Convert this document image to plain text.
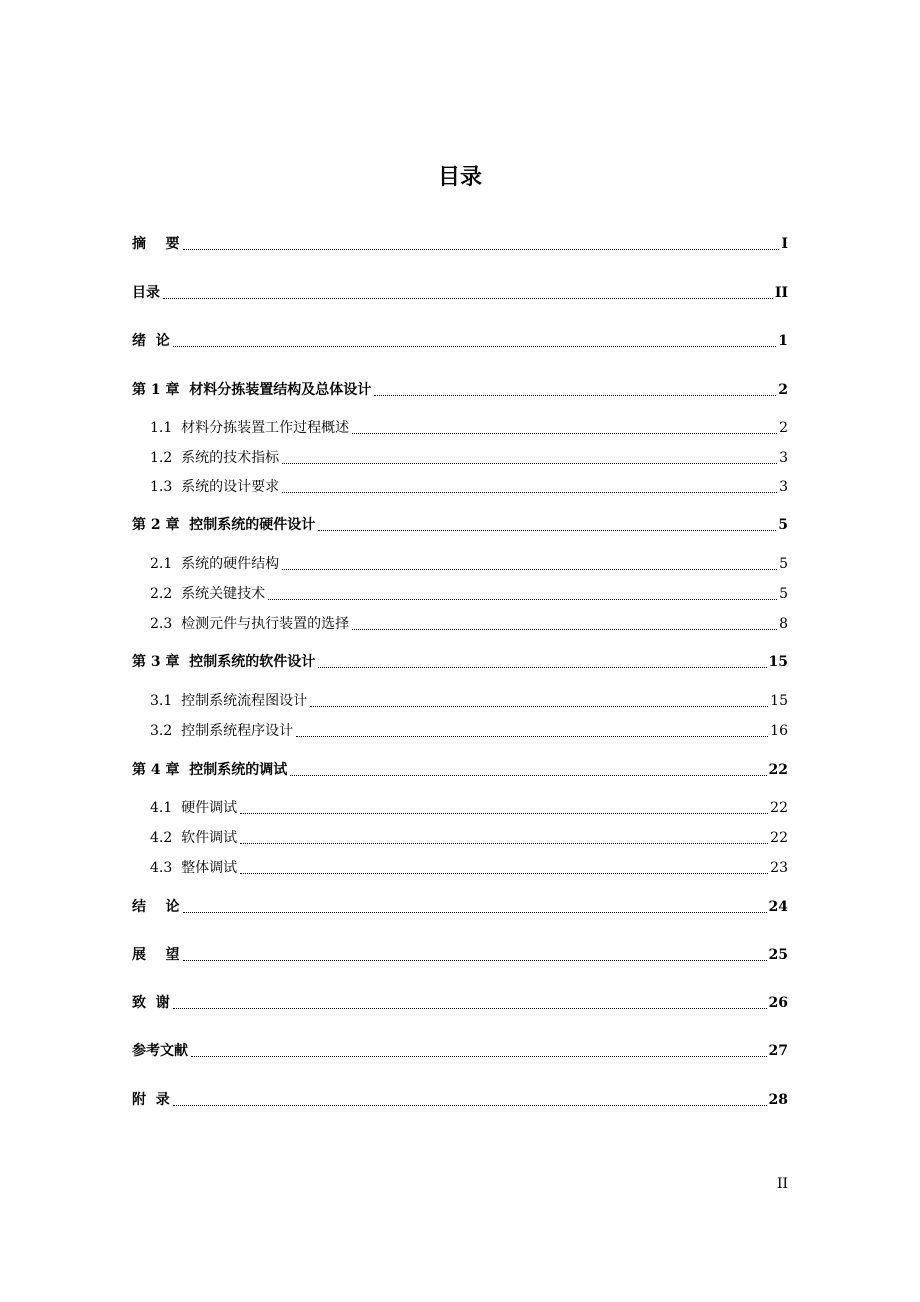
目录
摘    要	I
目录	II
绪  论	1
第 1 章  材料分拣装置结构及总体设计	2
1.1  材料分拣装置工作过程概述	2
1.2  系统的技术指标	3
1.3  系统的设计要求	3
第 2 章  控制系统的硬件设计	5
2.1  系统的硬件结构	5
2.2  系统关键技术	5
2.3  检测元件与执行装置的选择	8
第 3 章  控制系统的软件设计	15
3.1  控制系统流程图设计	15
3.2  控制系统程序设计	16
第 4 章  控制系统的调试	22
4.1  硬件调试	22
4.2  软件调试	22
4.3  整体调试	23
结    论	24
展    望	25
致  谢	26
参考文献	27
附  录	28
II
